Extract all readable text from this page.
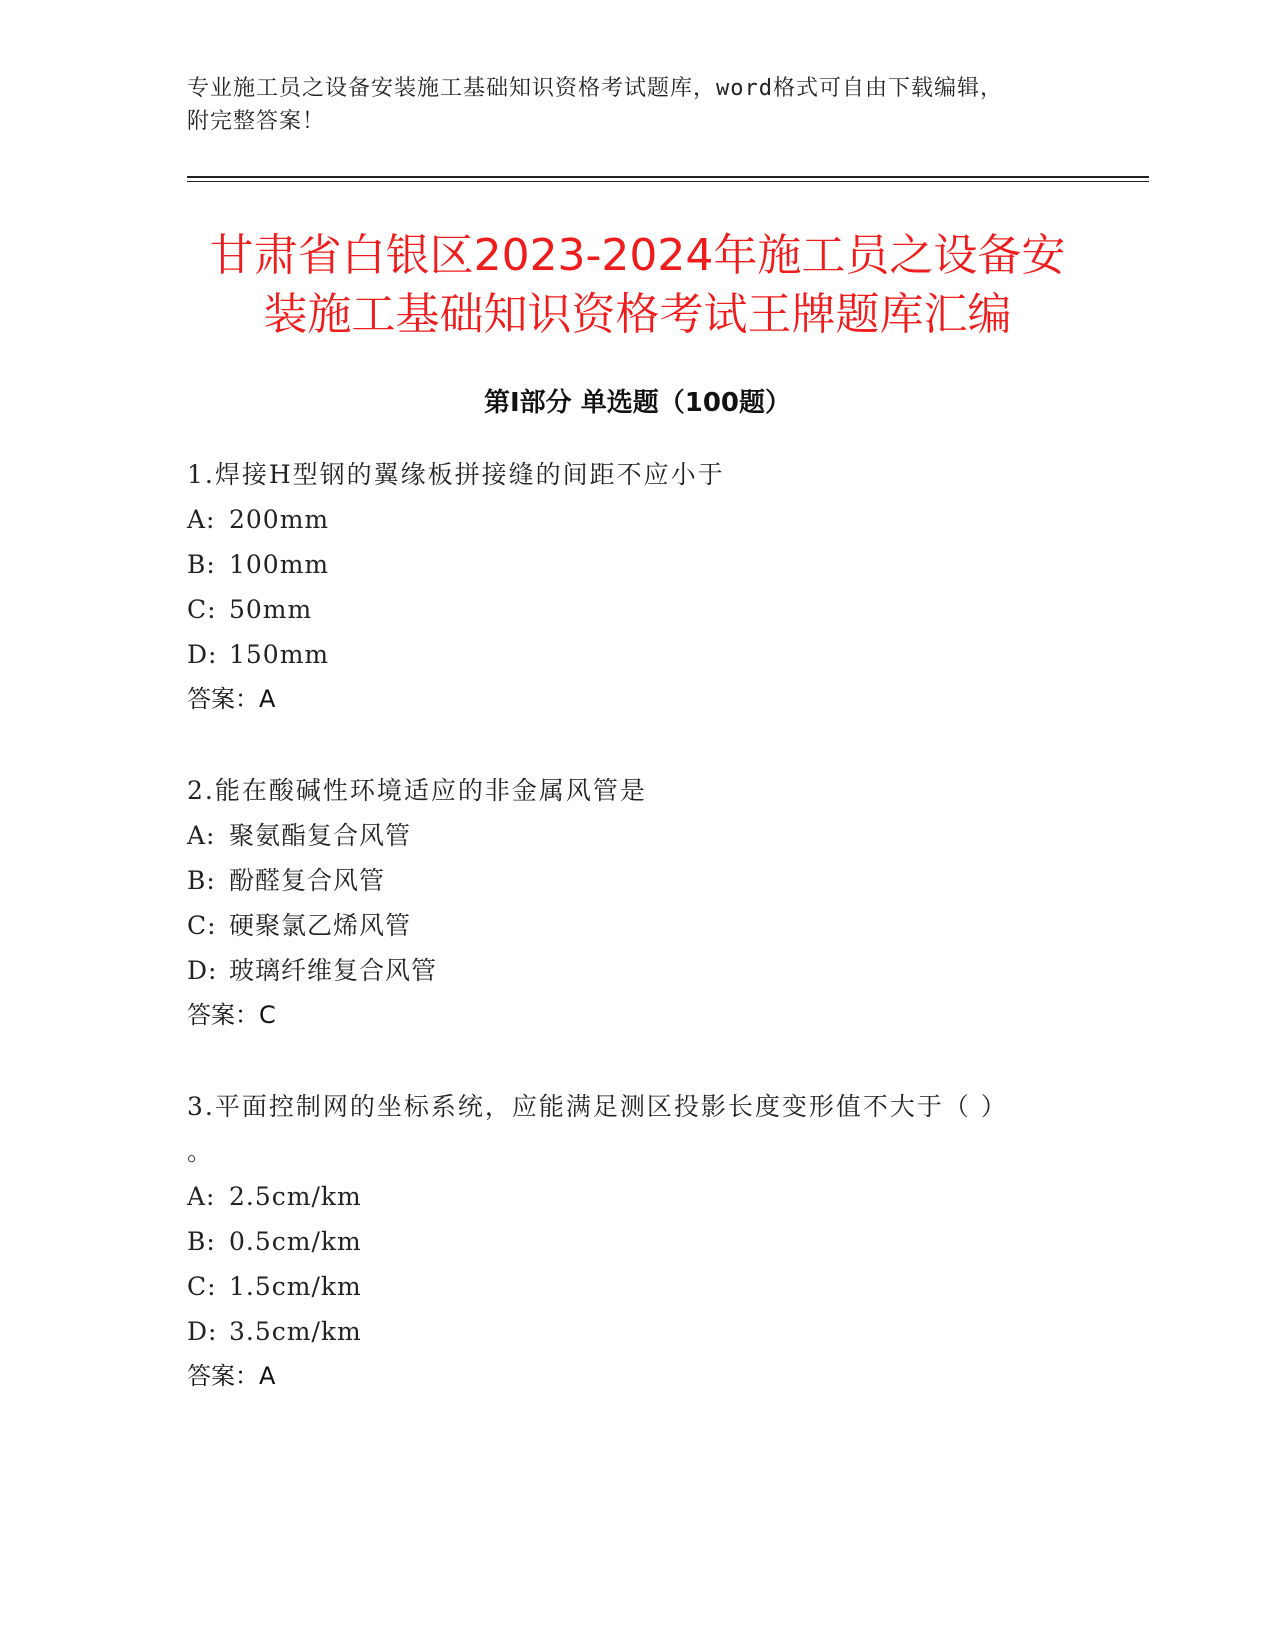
专业施工员之设备安装施工基础知识资格考试题库，word格式可自由下载编辑，
附完整答案！
甘肃省白银区2023-2024年施工员之设备安
装施工基础知识资格考试王牌题库汇编
第I部分 单选题（100题）

1.焊接H型钢的翼缘板拼接缝的间距不应小于

A: 200mm

B: 100mm

C: 50mm

D: 150mm

答案：A

2.能在酸碱性环境适应的非金属风管是

A: 聚氨酯复合风管

B: 酚醛复合风管

C: 硬聚氯乙烯风管

D: 玻璃纤维复合风管

答案：C

3.平面控制网的坐标系统，应能满足测区投影长度变形值不大于（ ）

。

A: 2.5cm/km

B: 0.5cm/km

C: 1.5cm/km

D: 3.5cm/km

答案：A
